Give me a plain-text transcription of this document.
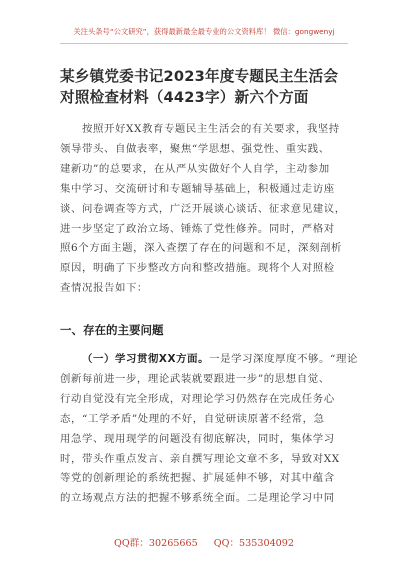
关注头条号“公文研究”，获得最新最全最专业的公文资料库！ 微信：gongwenyj
某乡镇党委书记2023年度专题民主生活会
对照检查材料（4423字）新六个方面
按照开好XX教育专题民主生活会的有关要求，我坚持
领导带头、自做表率，聚焦“学思想、强党性、重实践、
建新功”的总要求，在从严从实做好个人自学，主动参加
集中学习、交流研讨和专题辅导基础上，积极通过走访座
谈、问卷调查等方式，广泛开展谈心谈话、征求意见建议，
进一步坚定了政治立场、锤炼了党性修养。同时，严格对
照6个方面主题，深入查摆了存在的问题和不足，深刻剖析
原因，明确了下步整改方向和整改措施。现将个人对照检
查情况报告如下：
一、存在的主要问题
（一）学习贯彻XX方面。一是学习深度厚度不够。“理论
创新每前进一步，理论武装就要跟进一步”的思想自觉、
行动自觉没有完全形成，对理论学习仍然存在完成任务心
态，“工学矛盾”处理的不好，自觉研读原著不经常，急
用急学、现用现学的问题没有彻底解决，同时，集体学习
时，带头作重点发言、亲自撰写理论文章不多，导致对XX
等党的创新理论的系统把握、扩展延伸不够，对其中蕴含
的立场观点方法的把握不够系统全面。二是理论学习中同
QQ群：30265665 QQ：535304092
